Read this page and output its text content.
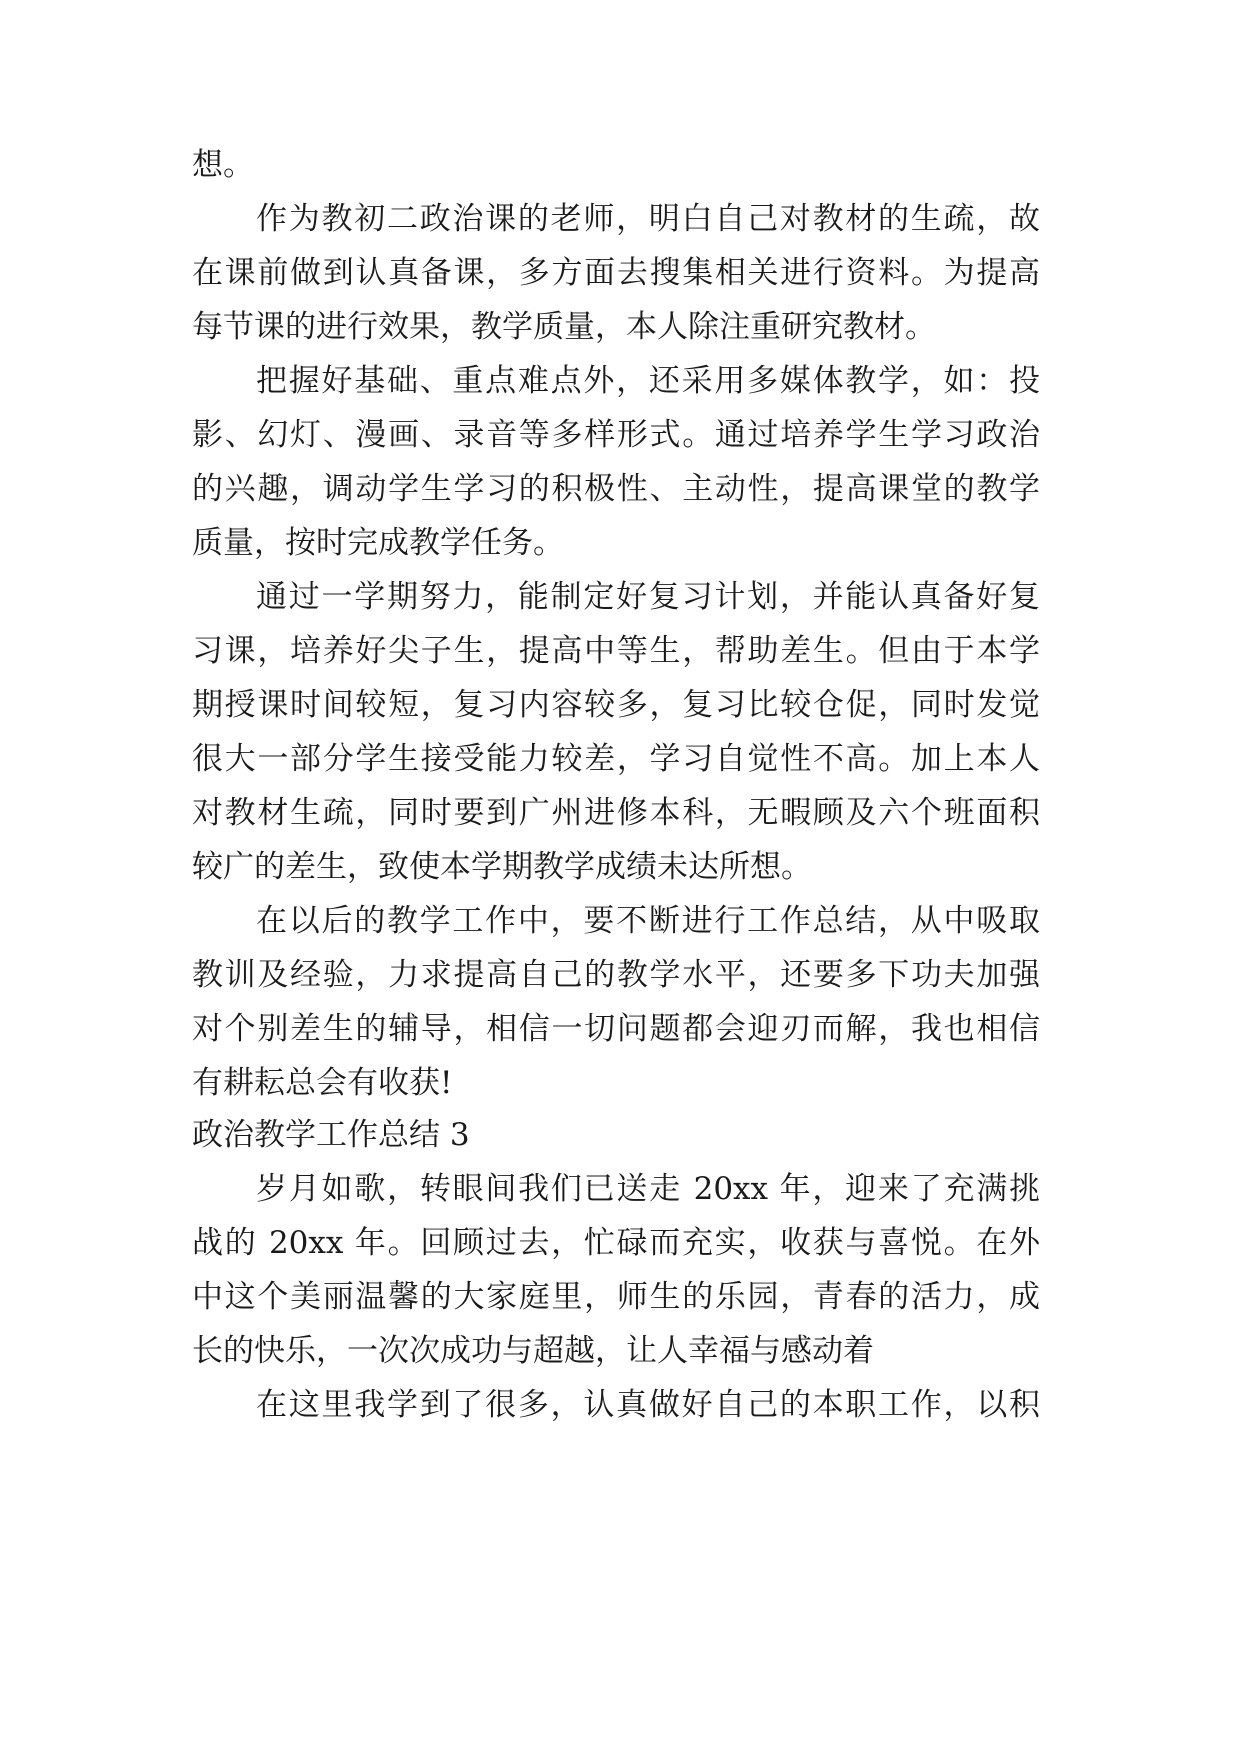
想。
作为教初二政治课的老师，明白自己对教材的生疏，故
在课前做到认真备课，多方面去搜集相关进行资料。为提高
每节课的进行效果，教学质量，本人除注重研究教材。
把握好基础、重点难点外，还采用多媒体教学，如：投
影、幻灯、漫画、录音等多样形式。通过培养学生学习政治
的兴趣，调动学生学习的积极性、主动性，提高课堂的教学
质量，按时完成教学任务。
通过一学期努力，能制定好复习计划，并能认真备好复
习课，培养好尖子生，提高中等生，帮助差生。但由于本学
期授课时间较短，复习内容较多，复习比较仓促，同时发觉
很大一部分学生接受能力较差，学习自觉性不高。加上本人
对教材生疏，同时要到广州进修本科，无暇顾及六个班面积
较广的差生，致使本学期教学成绩未达所想。
在以后的教学工作中，要不断进行工作总结，从中吸取
教训及经验，力求提高自己的教学水平，还要多下功夫加强
对个别差生的辅导，相信一切问题都会迎刃而解，我也相信
有耕耘总会有收获!
政治教学工作总结 3
岁月如歌，转眼间我们已送走 20xx 年，迎来了充满挑
战的 20xx 年。回顾过去，忙碌而充实，收获与喜悦。在外
中这个美丽温馨的大家庭里，师生的乐园，青春的活力，成
长的快乐，一次次成功与超越，让人幸福与感动着
在这里我学到了很多，认真做好自己的本职工作，以积
